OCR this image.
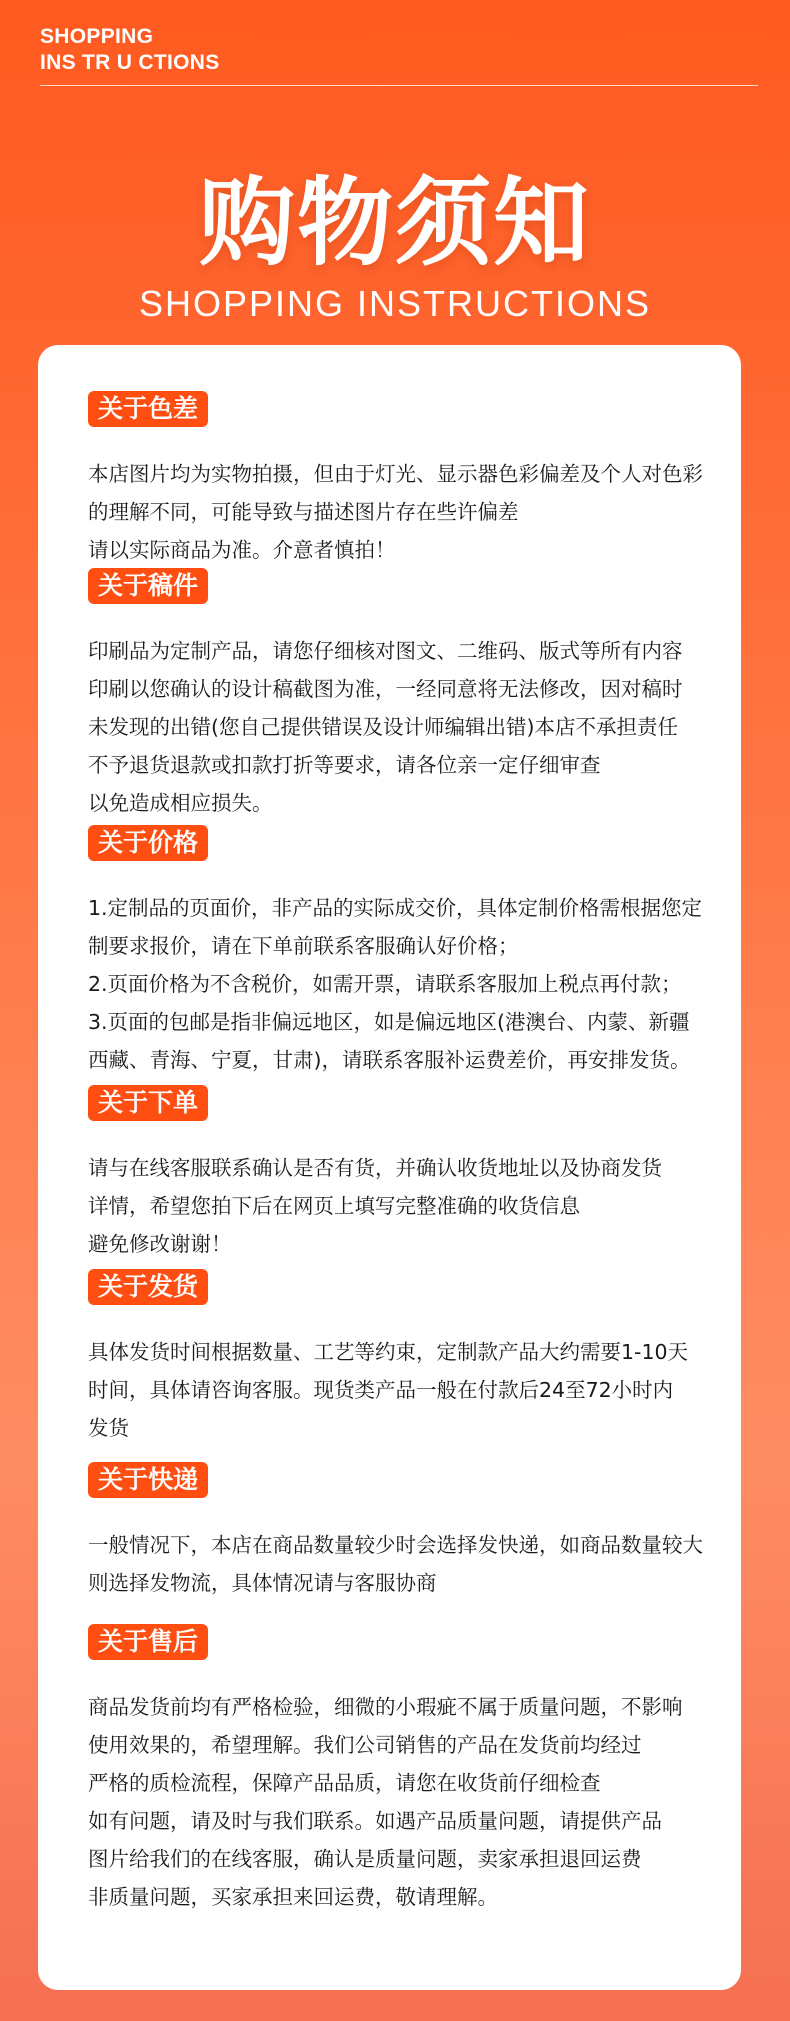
SHOPPING
INS TR U CTIONS
购物须知
SHOPPING INSTRUCTIONS
关于色差
本店图片均为实物拍摄，但由于灯光、显示器色彩偏差及个人对色彩
的理解不同，可能导致与描述图片存在些许偏差
请以实际商品为准。介意者慎拍！
关于稿件
印刷品为定制产品，请您仔细核对图文、二维码、版式等所有内容
印刷以您确认的设计稿截图为准，一经同意将无法修改，因对稿时
未发现的出错(您自己提供错误及设计师编辑出错)本店不承担责任
不予退货退款或扣款打折等要求，请各位亲一定仔细审查
以免造成相应损失。
关于价格
1.定制品的页面价，非产品的实际成交价，具体定制价格需根据您定
制要求报价，请在下单前联系客服确认好价格；
2.页面价格为不含税价，如需开票，请联系客服加上税点再付款；
3.页面的包邮是指非偏远地区，如是偏远地区(港澳台、内蒙、新疆
西藏、青海、宁夏，甘肃)，请联系客服补运费差价，再安排发货。
关于下单
请与在线客服联系确认是否有货，并确认收货地址以及协商发货
详情，希望您拍下后在网页上填写完整准确的收货信息
避免修改谢谢！
关于发货
具体发货时间根据数量、工艺等约束，定制款产品大约需要1-10天
时间，具体请咨询客服。现货类产品一般在付款后24至72小时内
发货
关于快递
一般情况下，本店在商品数量较少时会选择发快递，如商品数量较大
则选择发物流，具体情况请与客服协商
关于售后
商品发货前均有严格检验，细微的小瑕疵不属于质量问题，不影响
使用效果的，希望理解。我们公司销售的产品在发货前均经过
严格的质检流程，保障产品品质，请您在收货前仔细检查
如有问题，请及时与我们联系。如遇产品质量问题，请提供产品
图片给我们的在线客服，确认是质量问题，卖家承担退回运费
非质量问题，买家承担来回运费，敬请理解。
